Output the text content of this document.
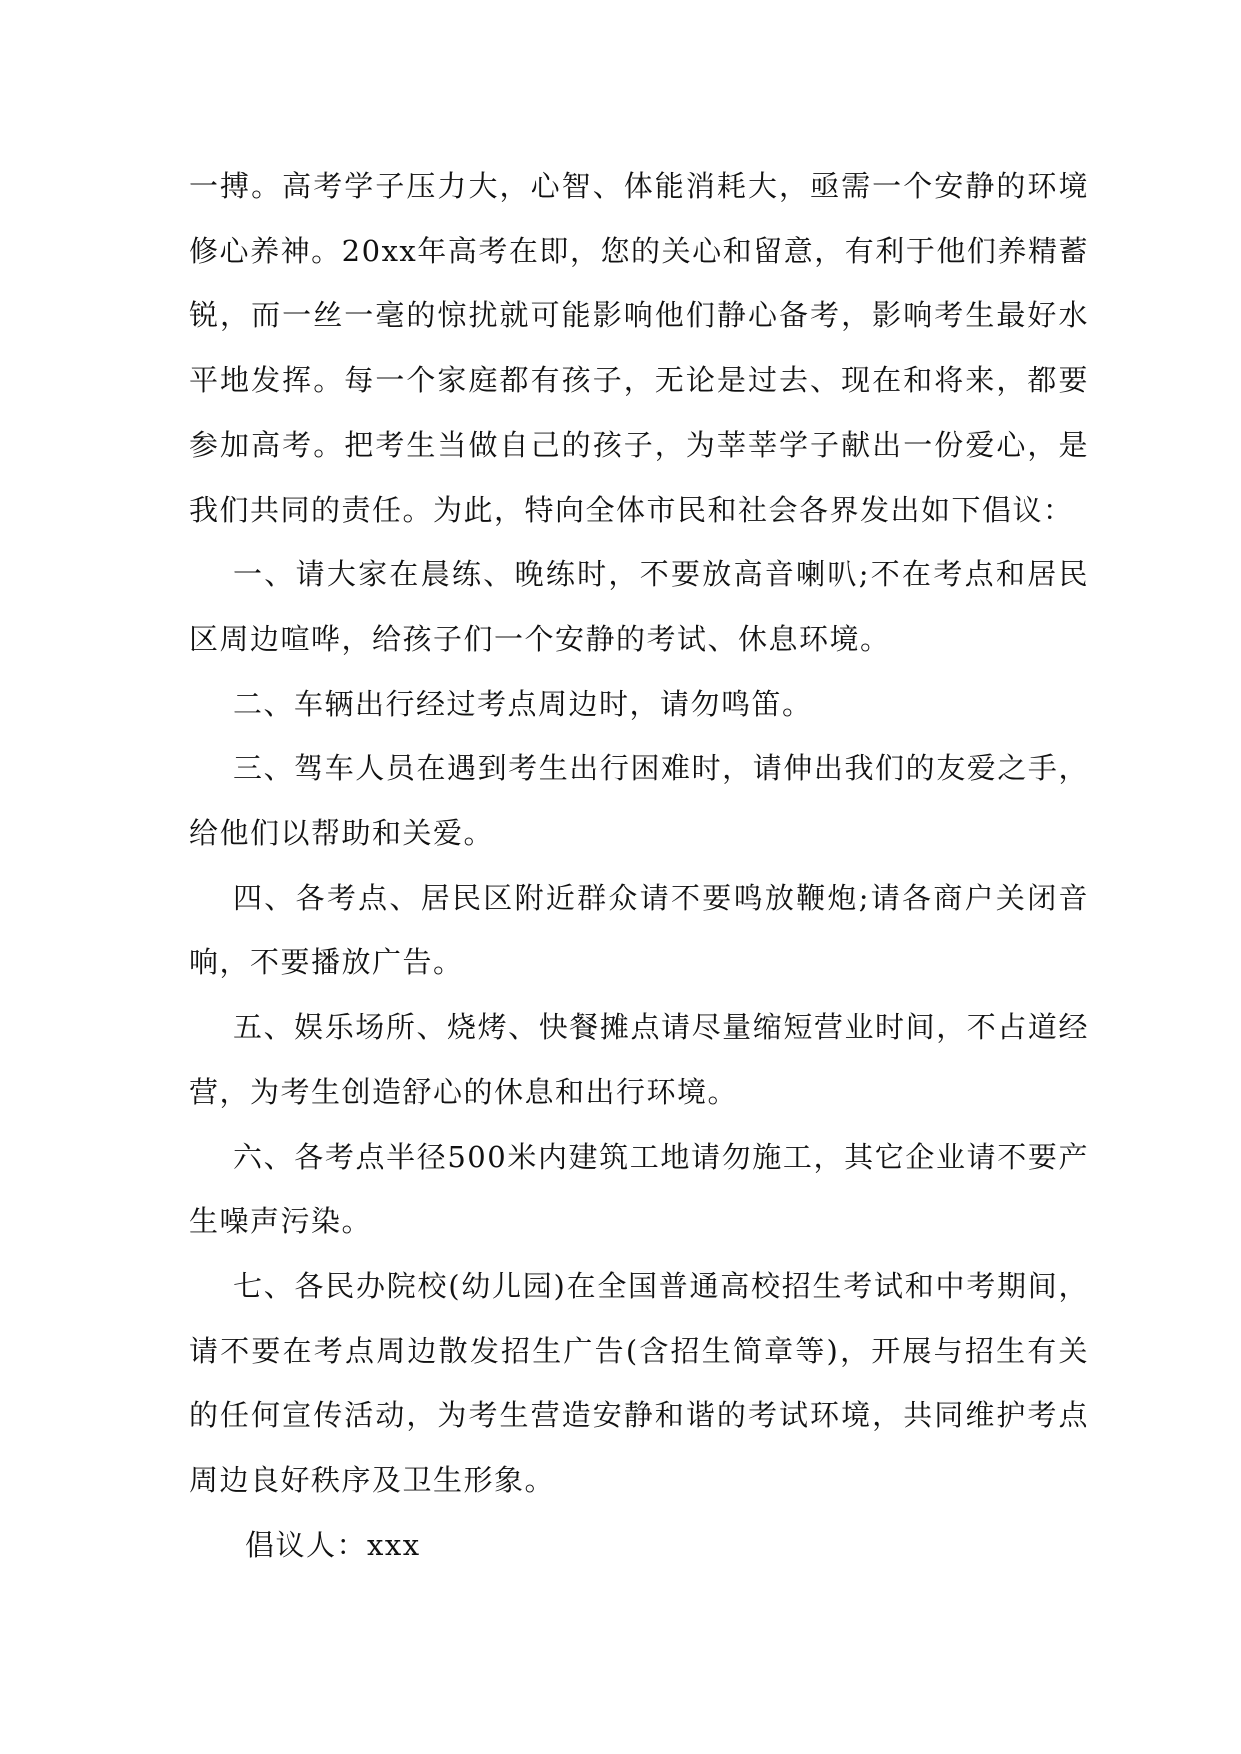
一搏。高考学子压力大，心智、体能消耗大，亟需一个安静的环境修心养神。20xx年高考在即，您的关心和留意，有利于他们养精蓄锐，而一丝一毫的惊扰就可能影响他们静心备考，影响考生最好水平地发挥。每一个家庭都有孩子，无论是过去、现在和将来，都要参加高考。把考生当做自己的孩子，为莘莘学子献出一份爱心，是我们共同的责任。为此，特向全体市民和社会各界发出如下倡议：

一、请大家在晨练、晚练时，不要放高音喇叭;不在考点和居民区周边喧哗，给孩子们一个安静的考试、休息环境。

二、车辆出行经过考点周边时，请勿鸣笛。

三、驾车人员在遇到考生出行困难时，请伸出我们的友爱之手，给他们以帮助和关爱。

四、各考点、居民区附近群众请不要鸣放鞭炮;请各商户关闭音响，不要播放广告。

五、娱乐场所、烧烤、快餐摊点请尽量缩短营业时间，不占道经营，为考生创造舒心的休息和出行环境。

六、各考点半径500米内建筑工地请勿施工，其它企业请不要产生噪声污染。

七、各民办院校(幼儿园)在全国普通高校招生考试和中考期间，请不要在考点周边散发招生广告(含招生简章等)，开展与招生有关的任何宣传活动，为考生营造安静和谐的考试环境，共同维护考点周边良好秩序及卫生形象。

倡议人：xxx
